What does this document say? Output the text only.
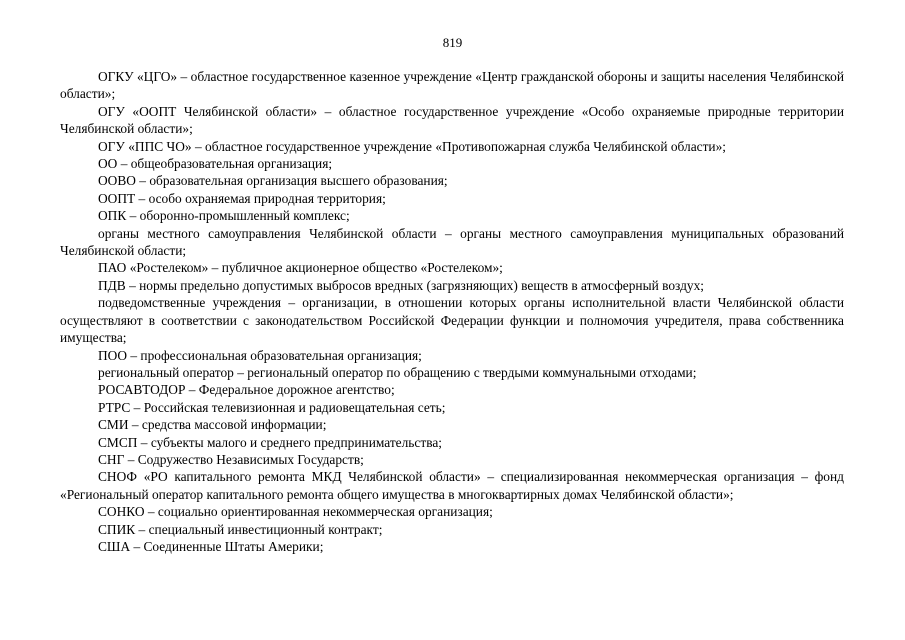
819

ОГКУ «ЦГО» – областное государственное казенное учреждение «Центр гражданской обороны и защиты населения Челябинской области»;

ОГУ «ООПТ Челябинской области» – областное государственное учреждение «Особо охраняемые природные территории Челябинской области»;

ОГУ «ППС ЧО» – областное государственное учреждение «Противопожарная служба Челябинской области»;

ОО – общеобразовательная организация;

ООВО – образовательная организация высшего образования;

ООПТ – особо охраняемая природная территория;

ОПК – оборонно-промышленный комплекс;

органы местного самоуправления Челябинской области – органы местного самоуправления муниципальных образований Челябинской области;

ПАО «Ростелеком» – публичное акционерное общество «Ростелеком»;

ПДВ – нормы предельно допустимых выбросов вредных (загрязняющих) веществ в атмосферный воздух;

подведомственные учреждения – организации, в отношении которых органы исполнительной власти Челябинской области осуществляют в соответствии с законодательством Российской Федерации функции и полномочия учредителя, права собственника имущества;

ПОО – профессиональная образовательная организация;

региональный оператор – региональный оператор по обращению с твердыми коммунальными отходами;

РОСАВТОДОР – Федеральное дорожное агентство;

РТРС – Российская телевизионная и радиовещательная сеть;

СМИ – средства массовой информации;

СМСП – субъекты малого и среднего предпринимательства;

СНГ – Содружество Независимых Государств;

СНОФ «РО капитального ремонта МКД Челябинской области» – специализированная некоммерческая организация – фонд «Региональный оператор капитального ремонта общего имущества в многоквартирных домах Челябинской области»;

СОНКО – социально ориентированная некоммерческая организация;

СПИК – специальный инвестиционный контракт;

США – Соединенные Штаты Америки;
